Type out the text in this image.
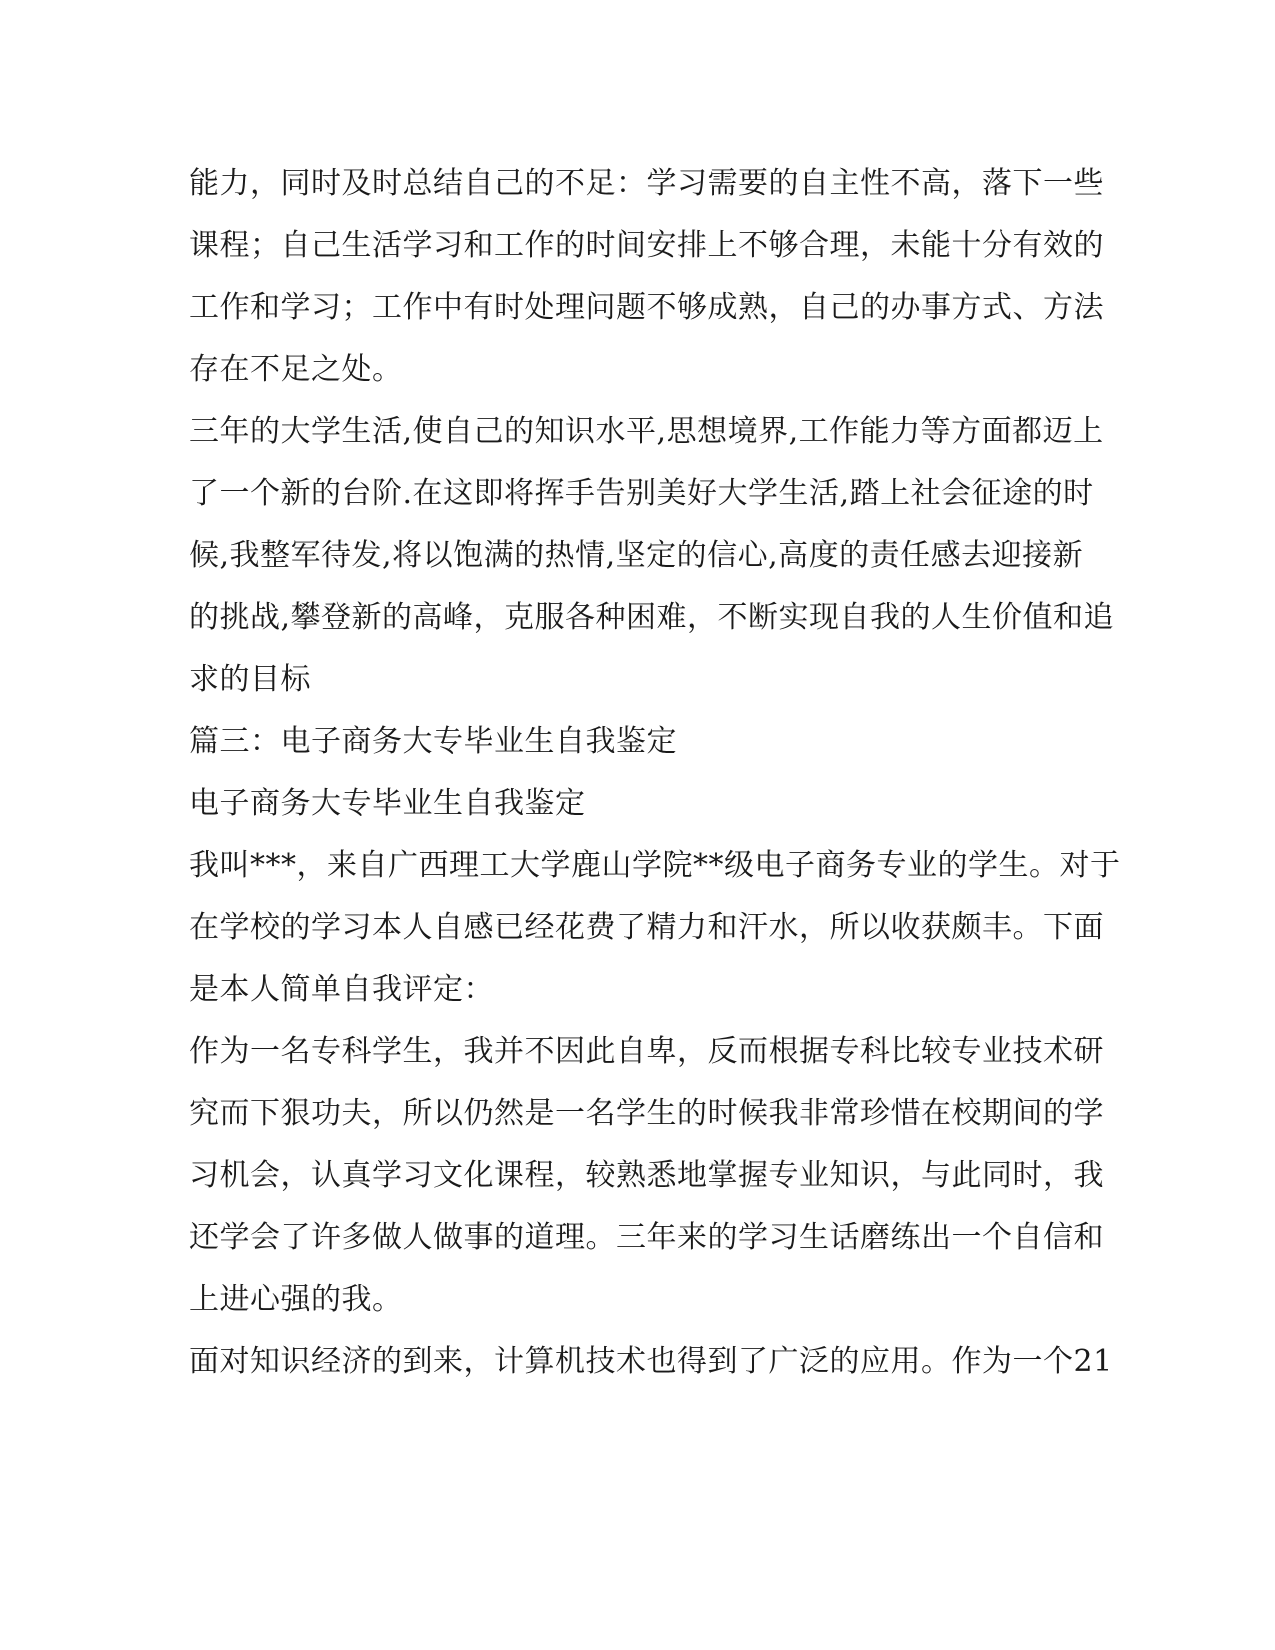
能力，同时及时总结自己的不足：学习需要的自主性不高，落下一些
课程；自己生活学习和工作的时间安排上不够合理，未能十分有效的
工作和学习；工作中有时处理问题不够成熟，自己的办事方式、方法
存在不足之处。
三年的大学生活,使自己的知识水平,思想境界,工作能力等方面都迈上
了一个新的台阶.在这即将挥手告别美好大学生活,踏上社会征途的时
候,我整军待发,将以饱满的热情,坚定的信心,高度的责任感去迎接新
的挑战,攀登新的高峰，克服各种困难，不断实现自我的人生价值和追
求的目标
篇三：电子商务大专毕业生自我鉴定
电子商务大专毕业生自我鉴定
我叫***，来自广西理工大学鹿山学院**级电子商务专业的学生。对于
在学校的学习本人自感已经花费了精力和汗水，所以收获颇丰。下面
是本人简单自我评定：
作为一名专科学生，我并不因此自卑，反而根据专科比较专业技术研
究而下狠功夫，所以仍然是一名学生的时候我非常珍惜在校期间的学
习机会，认真学习文化课程，较熟悉地掌握专业知识，与此同时，我
还学会了许多做人做事的道理。三年来的学习生话磨练出一个自信和
上进心强的我。
面对知识经济的到来，计算机技术也得到了广泛的应用。作为一个21
